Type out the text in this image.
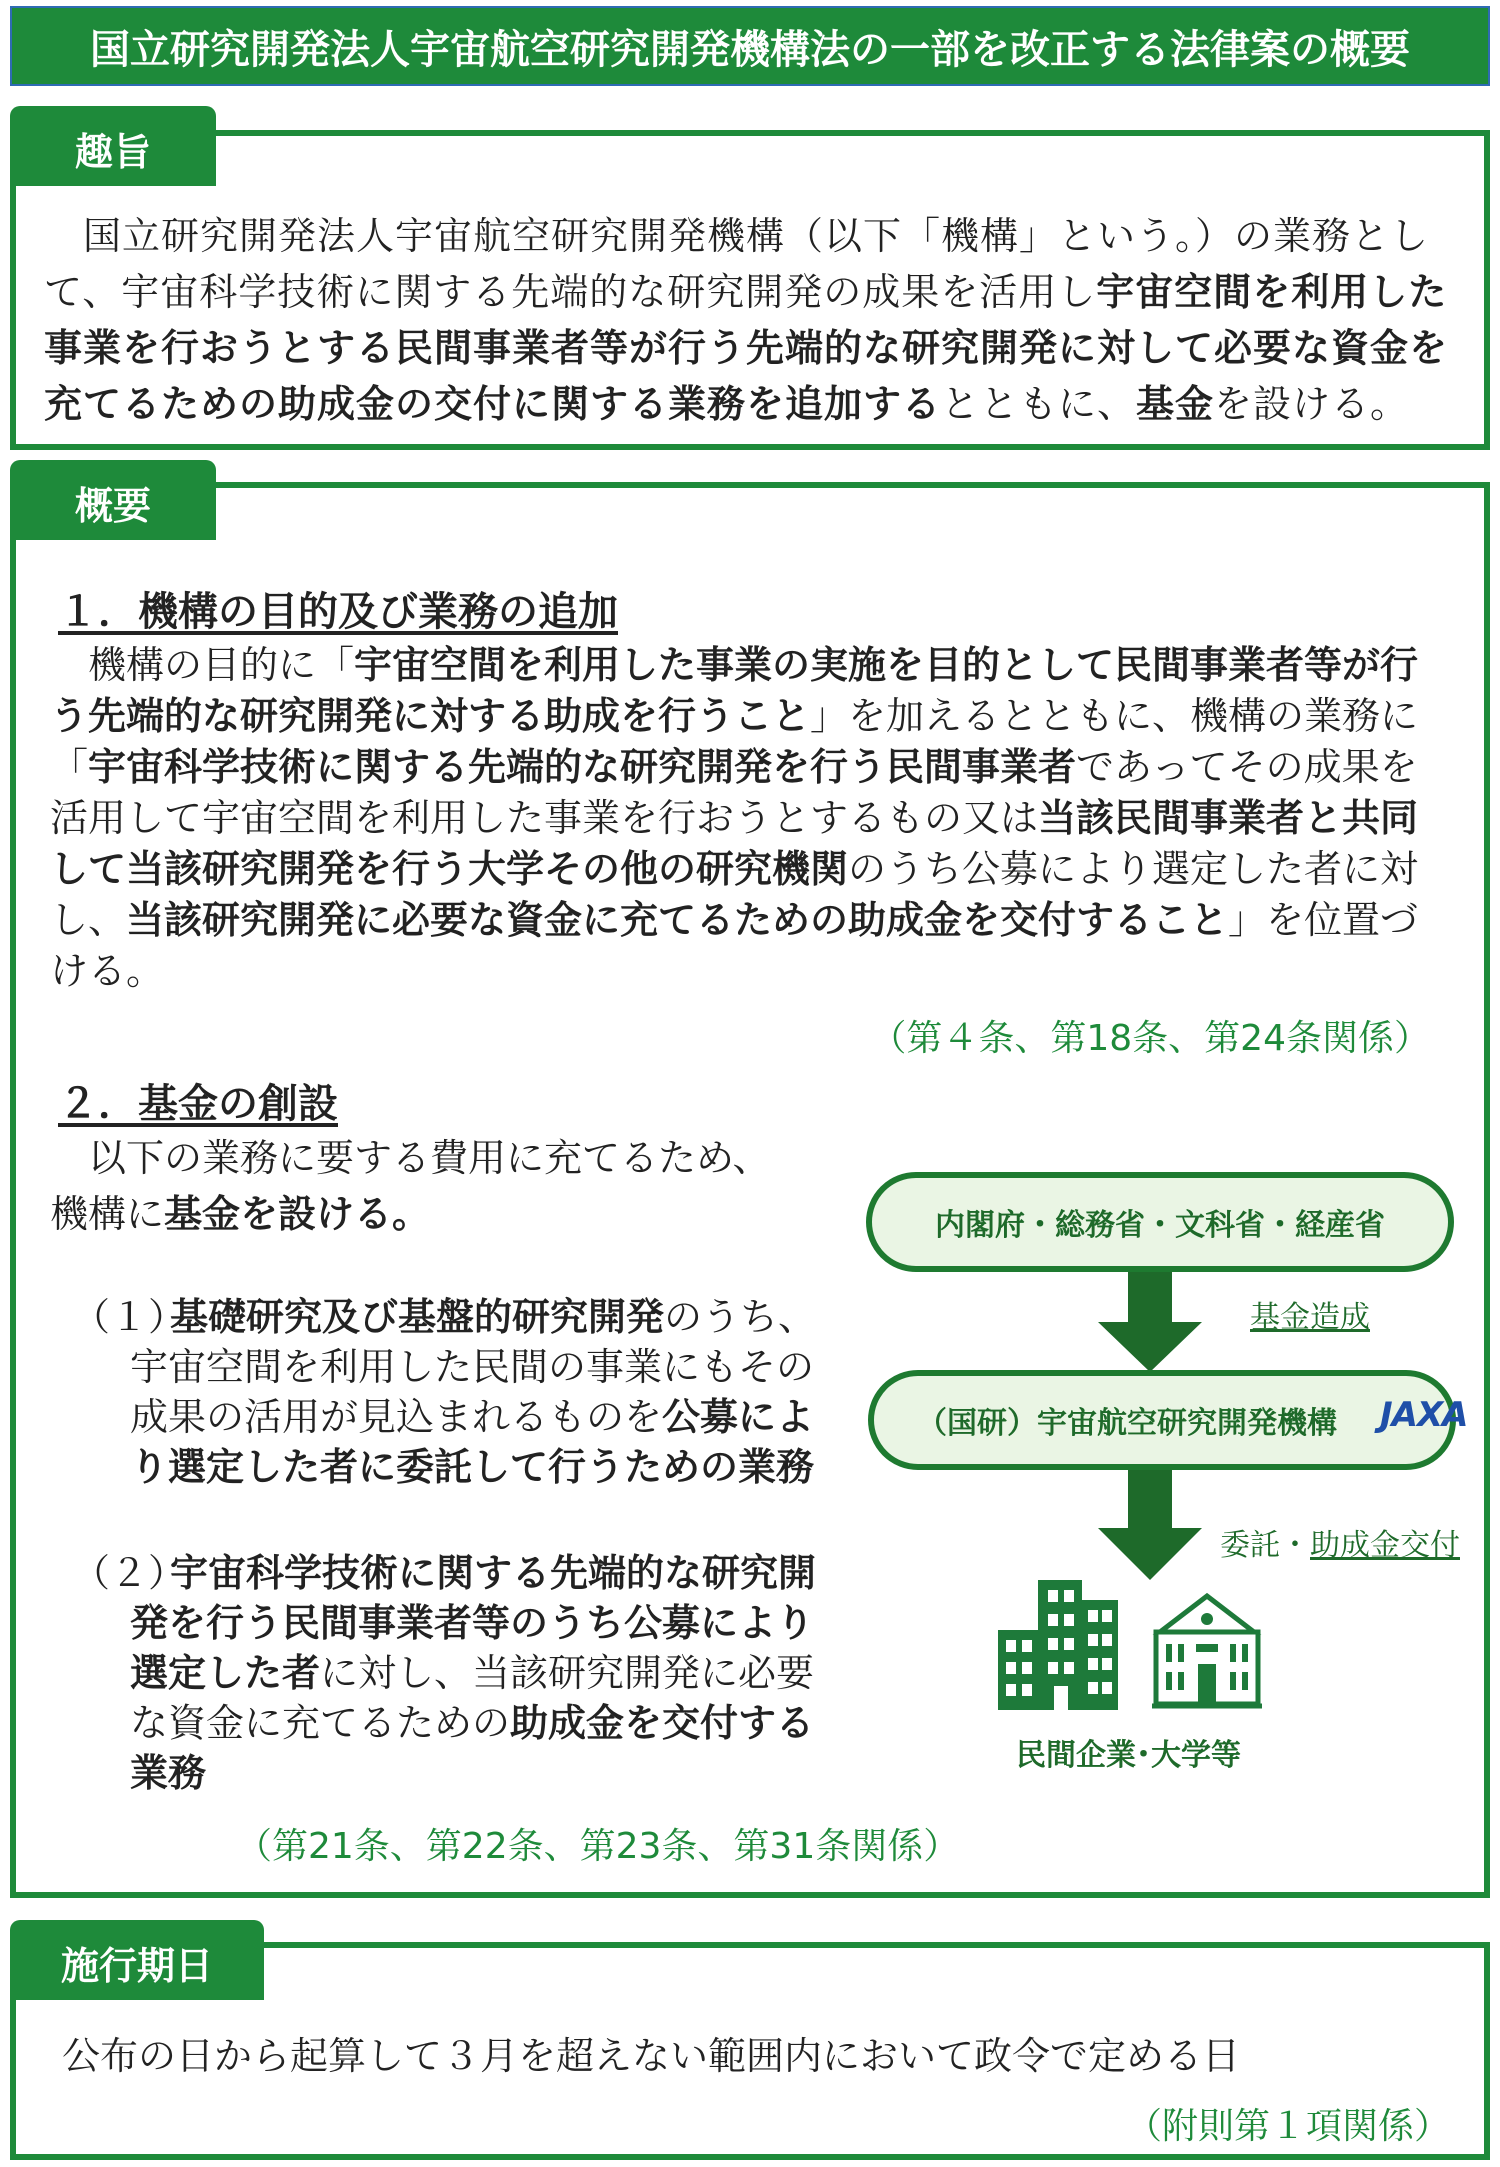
国立研究開発法人宇宙航空研究開発機構法の一部を改正する法律案の概要
趣旨
　国立研究開発法人宇宙航空研究開発機構（以下「機構」という。）の業務として、宇宙科学技術に関する先端的な研究開発の成果を活用し宇宙空間を利用した事業を行おうとする民間事業者等が行う先端的な研究開発に対して必要な資金を充てるための助成金の交付に関する業務を追加するとともに、基金を設ける。
概要
１．機構の目的及び業務の追加
　機構の目的に「宇宙空間を利用した事業の実施を目的として民間事業者等が行う先端的な研究開発に対する助成を行うこと」を加えるとともに、機構の業務に「宇宙科学技術に関する先端的な研究開発を行う民間事業者であってその成果を活用して宇宙空間を利用した事業を行おうとするもの又は当該民間事業者と共同して当該研究開発を行う大学その他の研究機関のうち公募により選定した者に対し、当該研究開発に必要な資金に充てるための助成金を交付すること」を位置づける。
（第４条、第18条、第24条関係）
２．基金の創設
　以下の業務に要する費用に充てるため、
機構に基金を設ける。
（１）
基礎研究及び基盤的研究開発のうち、宇宙空間を利用した民間の事業にもその成果の活用が見込まれるものを公募により選定した者に委託して行うための業務
（２）
宇宙科学技術に関する先端的な研究開発を行う民間事業者等のうち公募により選定した者に対し、当該研究開発に必要な資金に充てるための助成金を交付する業務
（第21条、第22条、第23条、第31条関係）
内閣府・総務省・文科省・経産省
基金造成
（国研）宇宙航空研究開発機構 JAXA
委託・助成金交付
民間企業･大学等
施行期日
公布の日から起算して３月を超えない範囲内において政令で定める日
（附則第１項関係）
